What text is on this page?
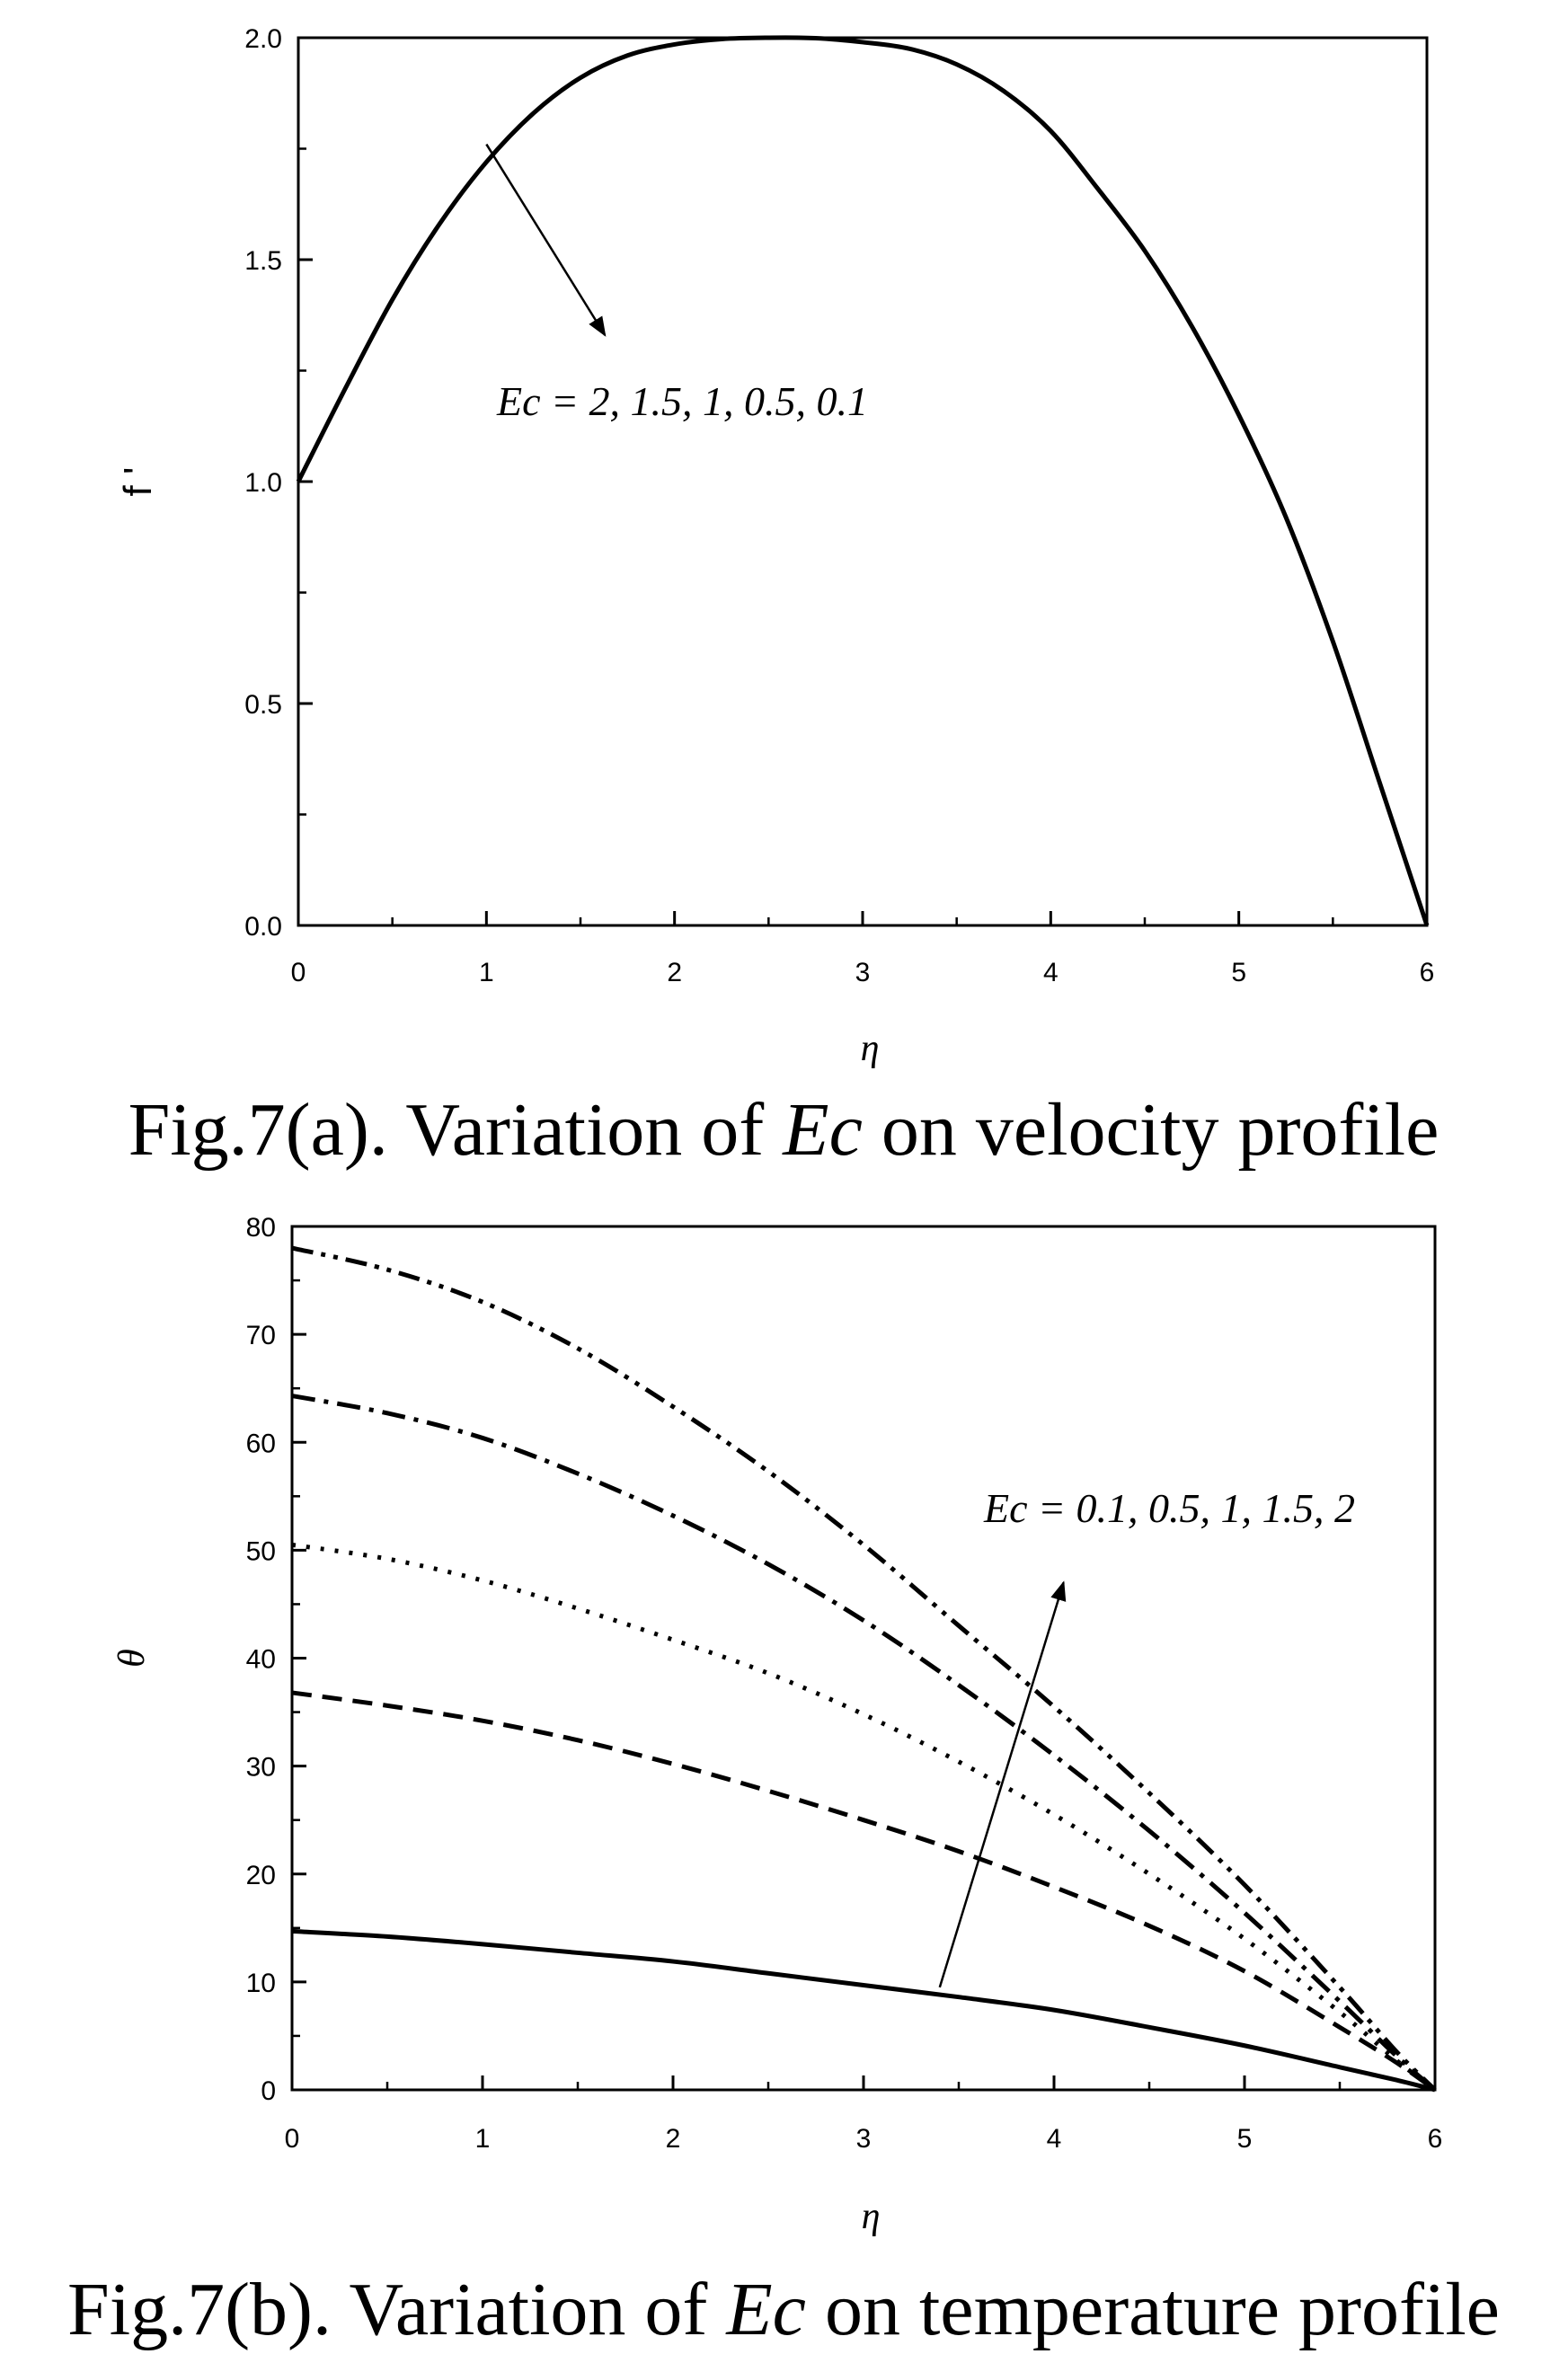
0	1	2	3	4	5	6
0.0
0.5
1.0
1.5
2.0
η
f '
Ec = 2, 1.5, 1, 0.5, 0.1
Fig.7(a). Variation of Ec on velocity profile
0	1	2	3	4	5	6
0
10
20
30
40
50
60
70
80
η
θ
Ec = 0.1, 0.5, 1, 1.5, 2
Fig.7(b). Variation of Ec on temperature profile
